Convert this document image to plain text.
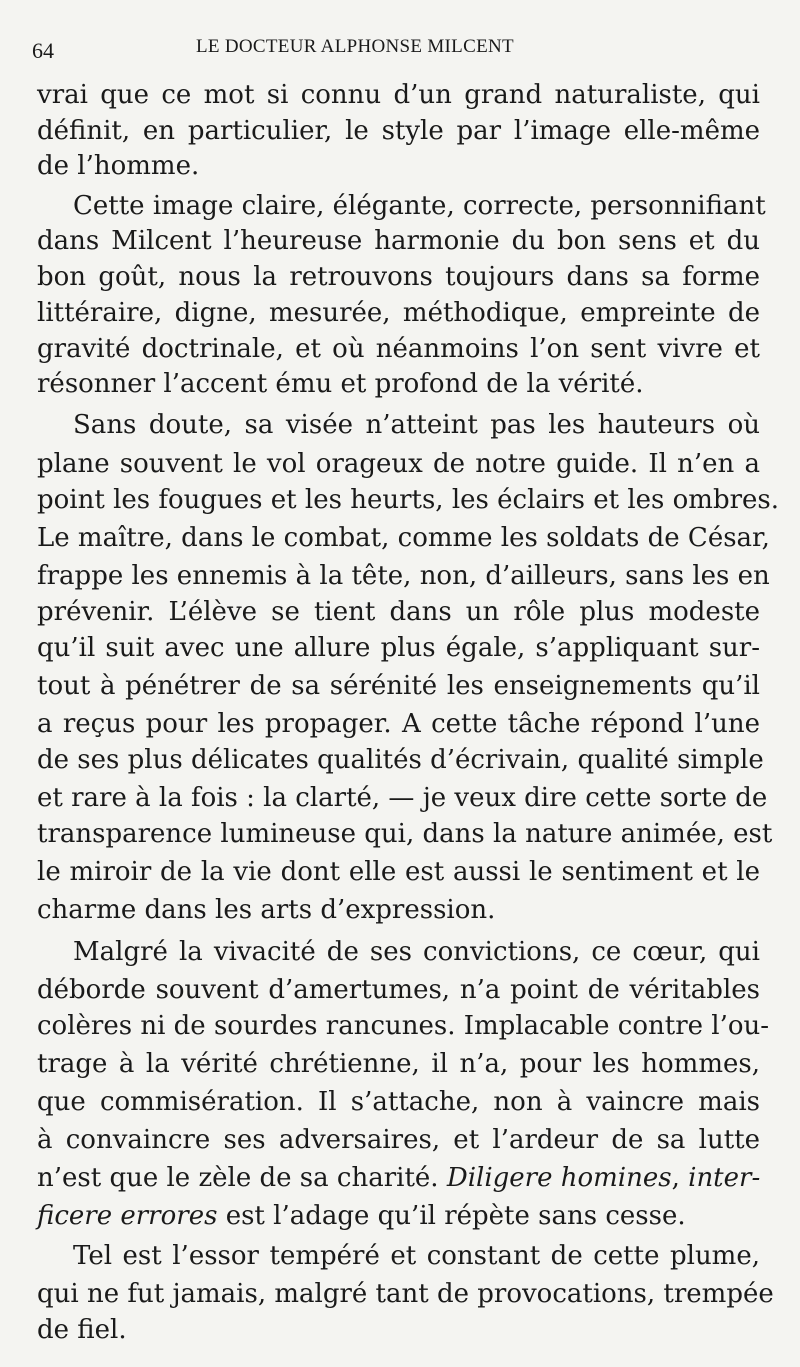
64	LE DOCTEUR ALPHONSE MILCENT
vrai que ce mot si connu d’un grand naturaliste, qui
définit, en particulier, le style par l’image elle-même
de l’homme.
Cette image claire, élégante, correcte, personnifiant
dans Milcent l’heureuse harmonie du bon sens et du
bon goût, nous la retrouvons toujours dans sa forme
littéraire, digne, mesurée, méthodique, empreinte de
gravité doctrinale, et où néanmoins l’on sent vivre et
résonner l’accent ému et profond de la vérité.
Sans doute, sa visée n’atteint pas les hauteurs où
plane souvent le vol orageux de notre guide. Il n’en a
point les fougues et les heurts, les éclairs et les ombres.
Le maître, dans le combat, comme les soldats de César,
frappe les ennemis à la tête, non, d’ailleurs, sans les en
prévenir. L’élève se tient dans un rôle plus modeste
qu’il suit avec une allure plus égale, s’appliquant sur-
tout à pénétrer de sa sérénité les enseignements qu’il
a reçus pour les propager. A cette tâche répond l’une
de ses plus délicates qualités d’écrivain, qualité simple
et rare à la fois : la clarté, — je veux dire cette sorte de
transparence lumineuse qui, dans la nature animée, est
le miroir de la vie dont elle est aussi le sentiment et le
charme dans les arts d’expression.
Malgré la vivacité de ses convictions, ce cœur, qui
déborde souvent d’amertumes, n’a point de véritables
colères ni de sourdes rancunes. Implacable contre l’ou-
trage à la vérité chrétienne, il n’a, pour les hommes,
que commisération. Il s’attache, non à vaincre mais
à convaincre ses adversaires, et l’ardeur de sa lutte
n’est que le zèle de sa charité. Diligere homines, inter-
ficere errores est l’adage qu’il répète sans cesse.
Tel est l’essor tempéré et constant de cette plume,
qui ne fut jamais, malgré tant de provocations, trempée
de fiel.
